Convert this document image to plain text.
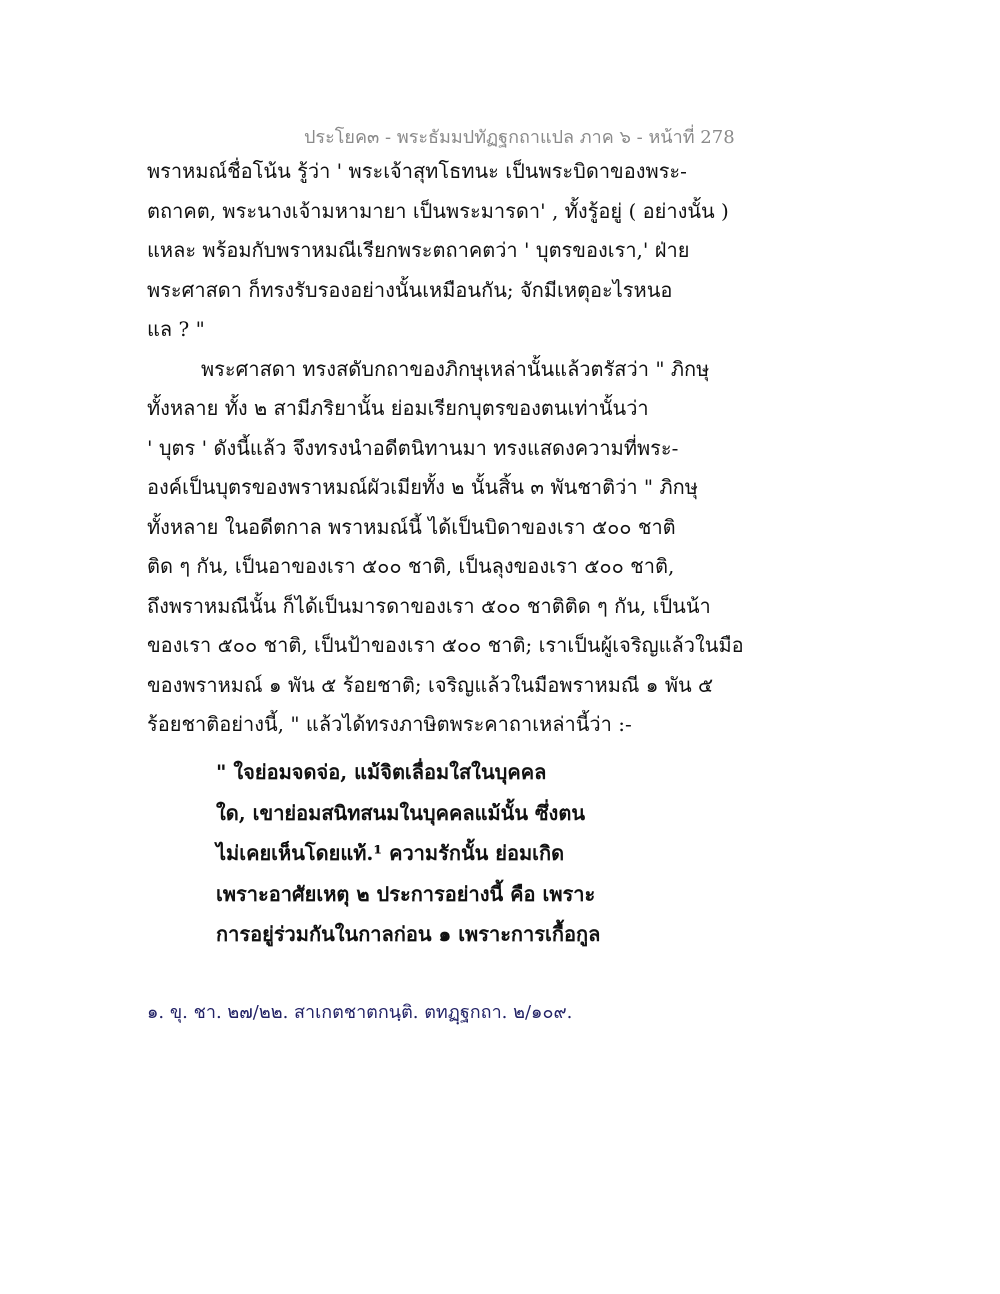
ประโยค๓ - พระธัมมปทัฏฐกถาแปล ภาค ๖ - หน้าที่ 278
พราหมณ์ชื่อโน้น รู้ว่า ' พระเจ้าสุทโธทนะ เป็นพระบิดาของพระ-
ตถาคต, พระนางเจ้ามหามายา เป็นพระมารดา' , ทั้งรู้อยู่ ( อย่างนั้น )
แหละ พร้อมกับพราหมณีเรียกพระตถาคตว่า ' บุตรของเรา,' ฝ่าย
พระศาสดา ก็ทรงรับรองอย่างนั้นเหมือนกัน; จักมีเหตุอะไรหนอ
แล ? "
พระศาสดา ทรงสดับกถาของภิกษุเหล่านั้นแล้วตรัสว่า " ภิกษุ
ทั้งหลาย ทั้ง ๒ สามีภริยานั้น ย่อมเรียกบุตรของตนเท่านั้นว่า
' บุตร ' ดังนี้แล้ว จึงทรงนำอดีตนิทานมา ทรงแสดงความที่พระ-
องค์เป็นบุตรของพราหมณ์ผัวเมียทั้ง ๒ นั้นสิ้น ๓ พันชาติว่า " ภิกษุ
ทั้งหลาย ในอดีตกาล พราหมณ์นี้ ได้เป็นบิดาของเรา ๕๐๐ ชาติ
ติด ๆ กัน, เป็นอาของเรา ๕๐๐ ชาติ, เป็นลุงของเรา ๕๐๐ ชาติ,
ถึงพราหมณีนั้น ก็ได้เป็นมารดาของเรา ๕๐๐ ชาติติด ๆ กัน, เป็นน้า
ของเรา ๕๐๐ ชาติ, เป็นป้าของเรา ๕๐๐ ชาติ; เราเป็นผู้เจริญแล้วในมือ
ของพราหมณ์ ๑ พัน ๕ ร้อยชาติ; เจริญแล้วในมือพราหมณี ๑ พัน ๕
ร้อยชาติอย่างนี้, " แล้วได้ทรงภาษิตพระคาถาเหล่านี้ว่า :-
" ใจย่อมจดจ่อ, แม้จิตเลื่อมใสในบุคคล
ใด, เขาย่อมสนิทสนมในบุคคลแม้นั้น ซึ่งตน
ไม่เคยเห็นโดยแท้.¹ ความรักนั้น ย่อมเกิด
เพราะอาศัยเหตุ ๒ ประการอย่างนี้ คือ เพราะ
การอยู่ร่วมกันในกาลก่อน ๑ เพราะการเกื้อกูล
๑. ขุ. ชา. ๒๗/๒๒. สาเกตชาตกนฺติ. ตทฏฺฐกถา. ๒/๑๐๙.
